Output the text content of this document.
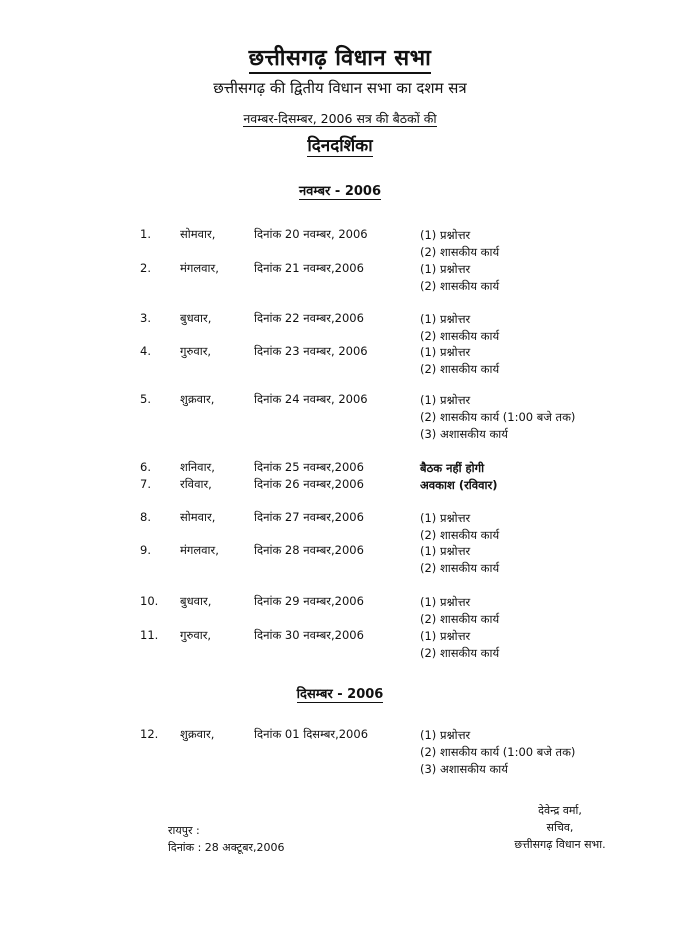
छत्तीसगढ़ विधान सभा
छत्तीसगढ़ की द्वितीय विधान सभा का दशम सत्र
नवम्बर-दिसम्बर, 2006 सत्र की बैठकों की
दिनदर्शिका
नवम्बर - 2006
1.	सोमवार,	दिनांक 20 नवम्बर, 2006	(1) प्रश्नोत्तर
(2) शासकीय कार्य
2.	मंगलवार,	दिनांक 21 नवम्बर,2006	(1) प्रश्नोत्तर
(2) शासकीय कार्य
3.	बुधवार,	दिनांक 22 नवम्बर,2006	(1) प्रश्नोत्तर
(2) शासकीय कार्य
4.	गुरुवार,	दिनांक 23 नवम्बर, 2006	(1) प्रश्नोत्तर
(2) शासकीय कार्य
5.	शुक्रवार,	दिनांक 24 नवम्बर, 2006	(1) प्रश्नोत्तर
(2) शासकीय कार्य (1:00 बजे तक)
(3) अशासकीय कार्य
6.	शनिवार,	दिनांक 25 नवम्बर,2006	बैठक नहीं होगी
7.	रविवार,	दिनांक 26 नवम्बर,2006	अवकाश (रविवार)
8.	सोमवार,	दिनांक 27 नवम्बर,2006	(1) प्रश्नोत्तर
(2) शासकीय कार्य
9.	मंगलवार,	दिनांक 28 नवम्बर,2006	(1) प्रश्नोत्तर
(2) शासकीय कार्य
10. बुधवार,	दिनांक 29 नवम्बर,2006	(1) प्रश्नोत्तर
(2) शासकीय कार्य
11. गुरुवार,	दिनांक 30 नवम्बर,2006	(1) प्रश्नोत्तर
(2) शासकीय कार्य
दिसम्बर - 2006
12. शुक्रवार,	दिनांक 01 दिसम्बर,2006	(1) प्रश्नोत्तर
(2) शासकीय कार्य (1:00 बजे तक)
(3) अशासकीय कार्य
देवेन्द्र वर्मा,
सचिव,
छत्तीसगढ़ विधान सभा.
रायपुर :
दिनांक : 28 अक्टूबर,2006
